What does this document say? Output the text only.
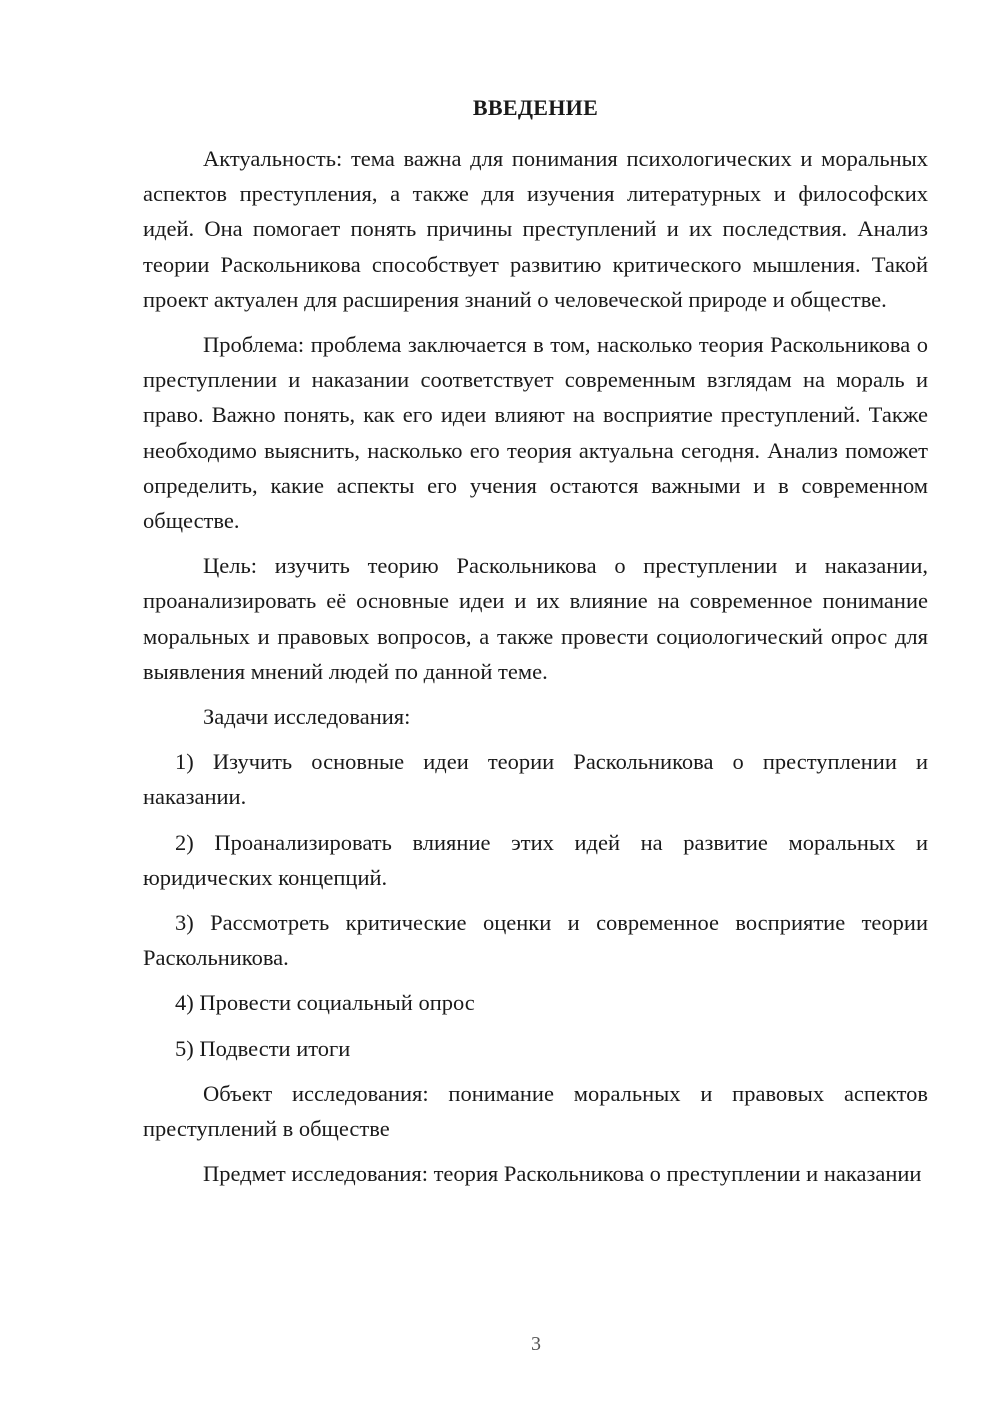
ВВЕДЕНИЕ

Актуальность: тема важна для понимания психологических и моральных аспектов преступления, а также для изучения литературных и философских идей. Она помогает понять причины преступлений и их последствия. Анализ теории Раскольникова способствует развитию критического мышления. Такой проект актуален для расширения знаний о человеческой природе и обществе.

Проблема: проблема заключается в том, насколько теория Раскольникова о преступлении и наказании соответствует современным взглядам на мораль и право. Важно понять, как его идеи влияют на восприятие преступлений. Также необходимо выяснить, насколько его теория актуальна сегодня. Анализ поможет определить, какие аспекты его учения остаются важными и в современном обществе.

Цель: изучить теорию Раскольникова о преступлении и наказании, проанализировать её основные идеи и их влияние на современное понимание моральных и правовых вопросов, а также провести социологический опрос для выявления мнений людей по данной теме.

Задачи исследования:

1) Изучить основные идеи теории Раскольникова о преступлении и наказании.

2) Проанализировать влияние этих идей на развитие моральных и юридических концепций.

3) Рассмотреть критические оценки и современное восприятие теории Раскольникова.

4) Провести социальный опрос

5) Подвести итоги

Объект исследования: понимание моральных и правовых аспектов преступлений в обществе

Предмет исследования: теория Раскольникова о преступлении и наказании

3
